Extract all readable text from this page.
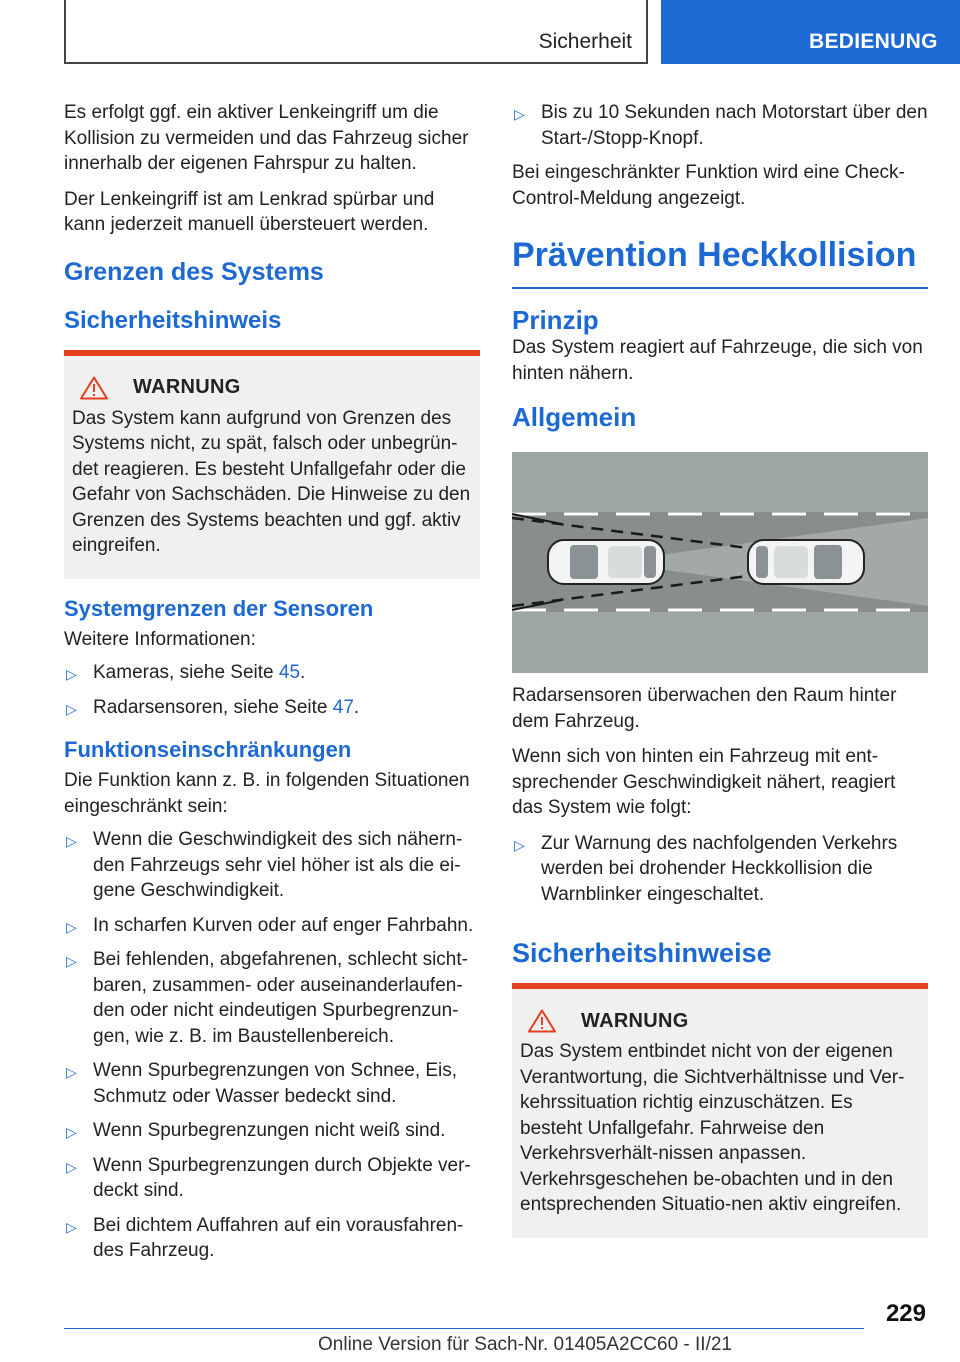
Sicherheit	BEDIENUNG

Es erfolgt ggf. ein aktiver Lenkeingriff um die Kollision zu vermeiden und das Fahrzeug sicher innerhalb der eigenen Fahrspur zu halten.

Der Lenkeingriff ist am Lenkrad spürbar und kann jederzeit manuell übersteuert werden.

Grenzen des Systems
Sicherheitshinweis
WARNUNG

Das System kann aufgrund von Grenzen des Systems nicht, zu spät, falsch oder unbegrün-det reagieren. Es besteht Unfallgefahr oder die Gefahr von Sachschäden. Die Hinweise zu den Grenzen des Systems beachten und ggf. aktiv eingreifen.

Systemgrenzen der Sensoren

Weitere Informationen:

▷ Kameras, siehe Seite 45.
▷ Radarsensoren, siehe Seite 47.
Funktionseinschränkungen

Die Funktion kann z. B. in folgenden Situationen eingeschränkt sein:

▷ Wenn die Geschwindigkeit des sich nähern-den Fahrzeugs sehr viel höher ist als die ei-gene Geschwindigkeit.
▷ In scharfen Kurven oder auf enger Fahrbahn.
▷ Bei fehlenden, abgefahrenen, schlecht sicht-baren, zusammen- oder auseinanderlaufen-den oder nicht eindeutigen Spurbegrenzun-gen, wie z. B. im Baustellenbereich.
▷ Wenn Spurbegrenzungen von Schnee, Eis, Schmutz oder Wasser bedeckt sind.
▷ Wenn Spurbegrenzungen nicht weiß sind.
▷ Wenn Spurbegrenzungen durch Objekte ver-deckt sind.
▷ Bei dichtem Auffahren auf ein vorausfahren-des Fahrzeug.
▷ Bis zu 10 Sekunden nach Motorstart über den Start-/Stopp-Knopf.

Bei eingeschränkter Funktion wird eine Check-Control-Meldung angezeigt.

Prävention Heckkollision
Prinzip

Das System reagiert auf Fahrzeuge, die sich von hinten nähern.

Allgemein

Radarsensoren überwachen den Raum hinter dem Fahrzeug.

Wenn sich von hinten ein Fahrzeug mit ent-sprechender Geschwindigkeit nähert, reagiert das System wie folgt:

▷ Zur Warnung des nachfolgenden Verkehrs werden bei drohender Heckkollision die Warnblinker eingeschaltet.
Sicherheitshinweise
WARNUNG

Das System entbindet nicht von der eigenen Verantwortung, die Sichtverhältnisse und Ver-kehrssituation richtig einzuschätzen. Es besteht Unfallgefahr. Fahrweise den Verkehrsverhält-nissen anpassen. Verkehrsgeschehen be-obachten und in den entsprechenden Situatio-nen aktiv eingreifen.

229
Online Version für Sach-Nr. 01405A2CC60 - II/21
